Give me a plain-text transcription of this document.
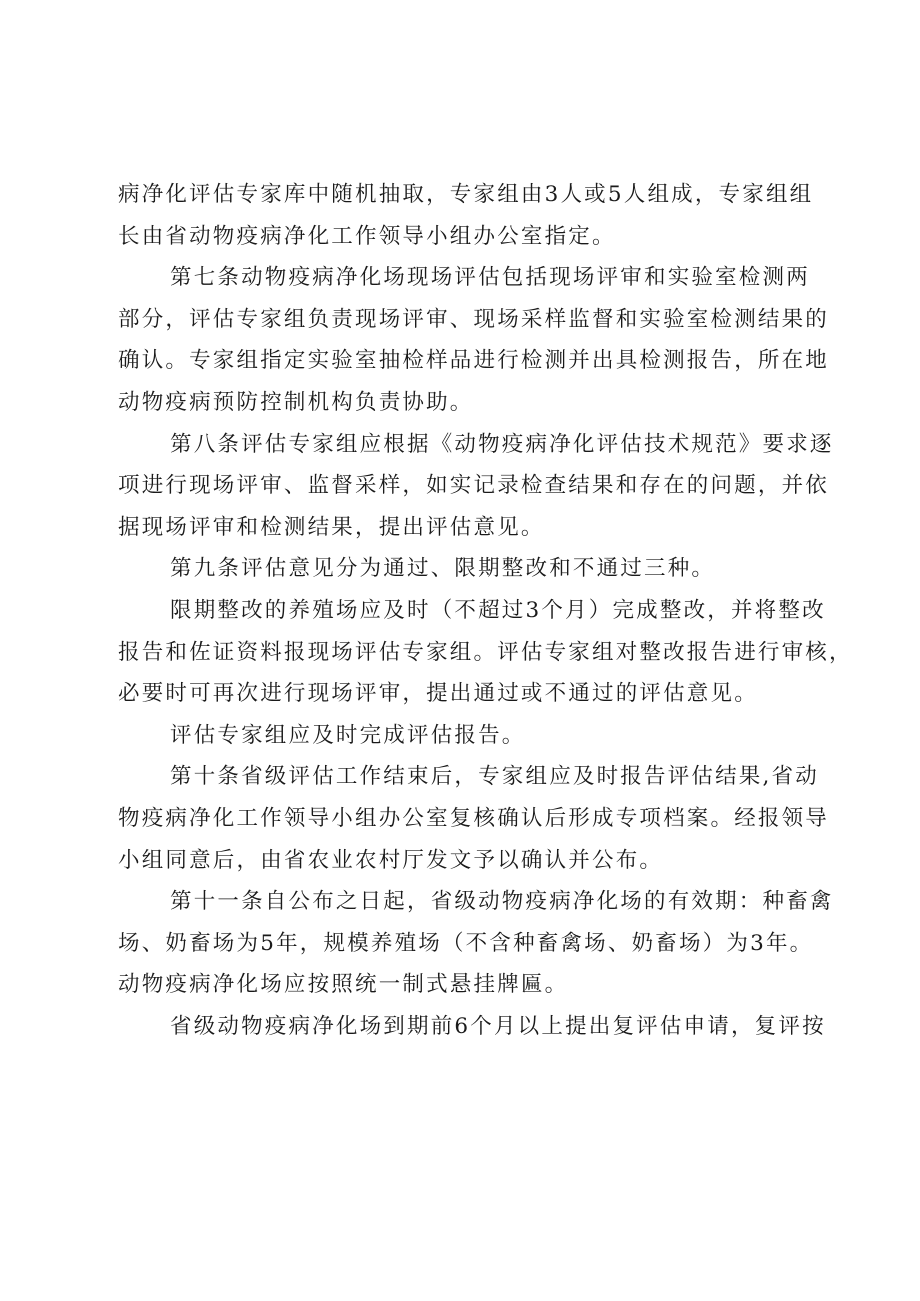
病净化评估专家库中随机抽取，专家组由3人或5人组成，专家组组
长由省动物疫病净化工作领导小组办公室指定。

第七条动物疫病净化场现场评估包括现场评审和实验室检测两
部分，评估专家组负责现场评审、现场采样监督和实验室检测结果的
确认。专家组指定实验室抽检样品进行检测并出具检测报告，所在地
动物疫病预防控制机构负责协助。

第八条评估专家组应根据《动物疫病净化评估技术规范》要求逐
项进行现场评审、监督采样，如实记录检查结果和存在的问题，并依
据现场评审和检测结果，提出评估意见。

第九条评估意见分为通过、限期整改和不通过三种。

限期整改的养殖场应及时（不超过3个月）完成整改，并将整改
报告和佐证资料报现场评估专家组。评估专家组对整改报告进行审核，
必要时可再次进行现场评审，提出通过或不通过的评估意见。

评估专家组应及时完成评估报告。

第十条省级评估工作结束后，专家组应及时报告评估结果,省动
物疫病净化工作领导小组办公室复核确认后形成专项档案。经报领导
小组同意后，由省农业农村厅发文予以确认并公布。

第十一条自公布之日起，省级动物疫病净化场的有效期：种畜禽
场、奶畜场为5年，规模养殖场（不含种畜禽场、奶畜场）为3年。
动物疫病净化场应按照统一制式悬挂牌匾。

省级动物疫病净化场到期前6个月以上提出复评估申请，复评按
